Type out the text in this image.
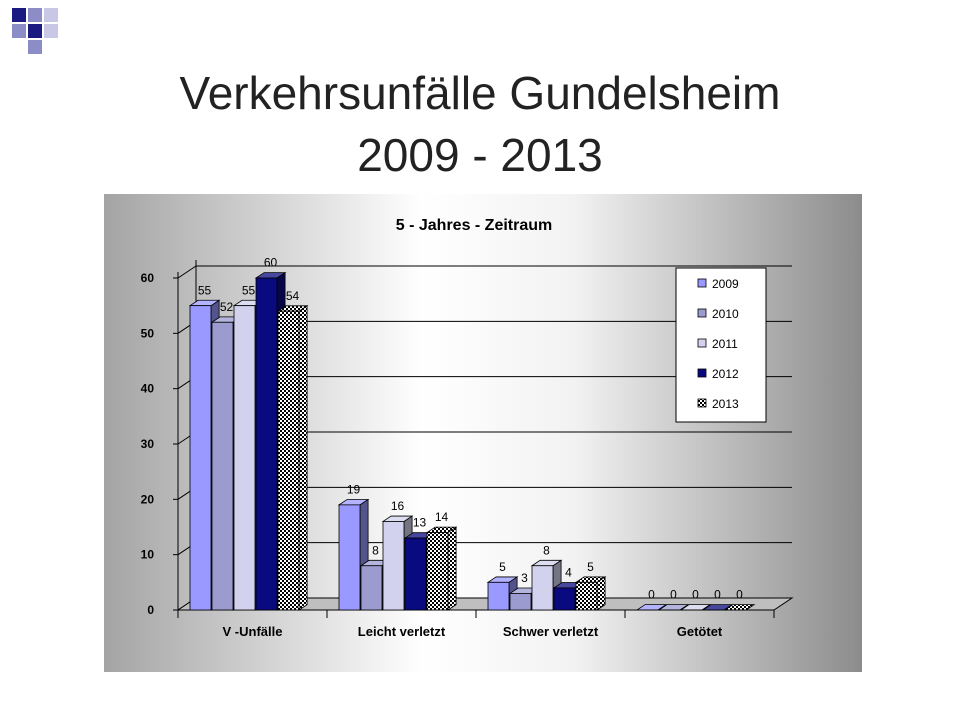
Verkehrsunfälle Gundelsheim
2009 - 2013
5 - Jahres - Zeitraum
0
10
20
30
40
50
60
V -Unfälle	Leicht verletzt	Schwer verletzt	Getötet
55
52
55
60
54
19
8
16
13 14
5
3
8
4 5
0 0 0 0 0
2009
2010
2011
2012
2013
